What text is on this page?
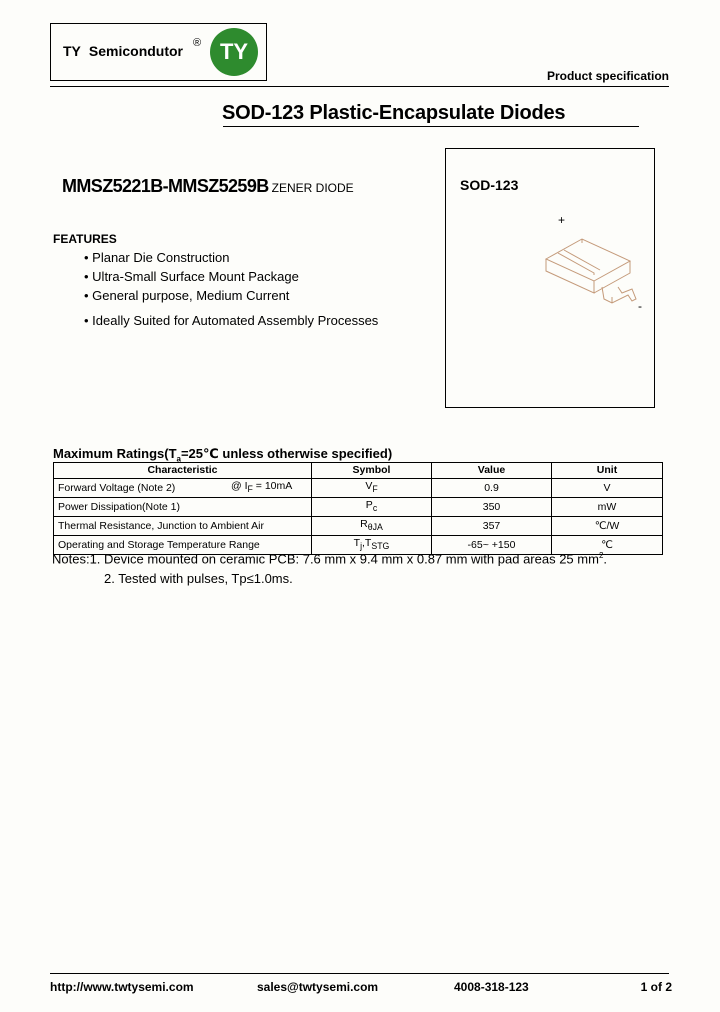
TY Semicondutor ® TY
Product specification
SOD-123 Plastic-Encapsulate Diodes
MMSZ5221B-MMSZ5259B ZENER DIODE
FEATURES
• Planar Die Construction
• Ultra-Small Surface Mount Package
• General purpose, Medium Current
• Ideally Suited for Automated Assembly Processes
SOD-123
+
-
Maximum $Ratings(T_a=25℃$ unless otherwise specified)
Characteristic	Symbol	Value	Unit
Forward Voltage (Note 2) @ $I_F = 10mA$	$V_F$	0.9	V
Power Dissipation(Note 1)	$P_c$	350	mW
Thermal Resistance, Junction to Ambient Air	$R_{\theta JA}$	357	℃/W
Operating and Storage Temperature Range	$T_j,T_{STG}$	-65~ +150	℃
Notes:1. Device mounted on ceramic PCB: 7.6 mm x 9.4 mm x 0.87 mm with pad areas 25 $mm^2$.
2. Tested with pulses, Tp≤1.0ms.
http://www.twtysemi.com	sales@twtysemi.com	4008-318-123	1 of 2
